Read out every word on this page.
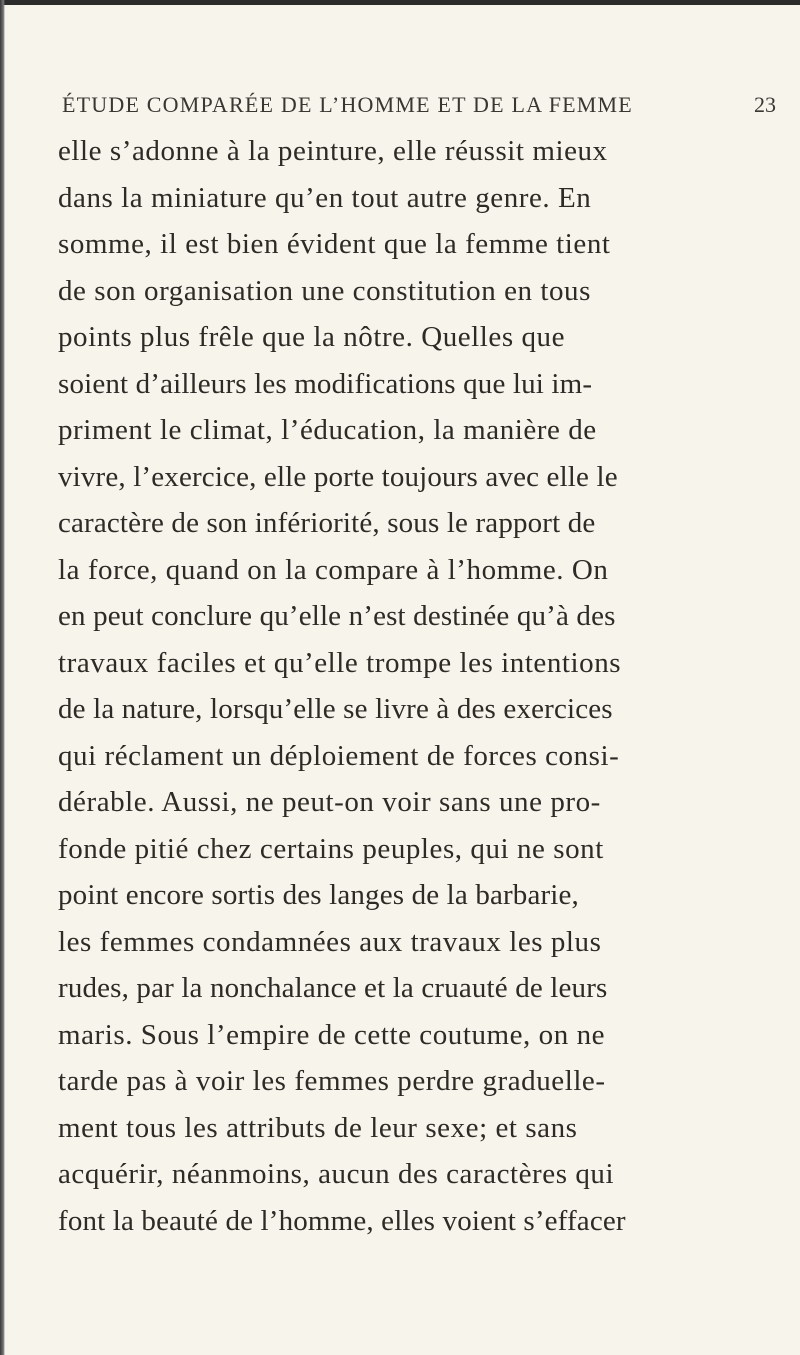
ÉTUDE COMPARÉE DE L’HOMME ET DE LA FEMME	23
elle s’adonne à la peinture, elle réussit mieux
dans la miniature qu’en tout autre genre. En
somme, il est bien évident que la femme tient
de son organisation une constitution en tous
points plus frêle que la nôtre. Quelles que
soient d’ailleurs les modifications que lui im-
priment le climat, l’éducation, la manière de
vivre, l’exercice, elle porte toujours avec elle le
caractère de son infériorité, sous le rapport de
la force, quand on la compare à l’homme. On
en peut conclure qu’elle n’est destinée qu’à des
travaux faciles et qu’elle trompe les intentions
de la nature, lorsqu’elle se livre à des exercices
qui réclament un déploiement de forces consi-
dérable. Aussi, ne peut-on voir sans une pro-
fonde pitié chez certains peuples, qui ne sont
point encore sortis des langes de la barbarie,
les femmes condamnées aux travaux les plus
rudes, par la nonchalance et la cruauté de leurs
maris. Sous l’empire de cette coutume, on ne
tarde pas à voir les femmes perdre graduelle-
ment tous les attributs de leur sexe; et sans
acquérir, néanmoins, aucun des caractères qui
font la beauté de l’homme, elles voient s’effacer
